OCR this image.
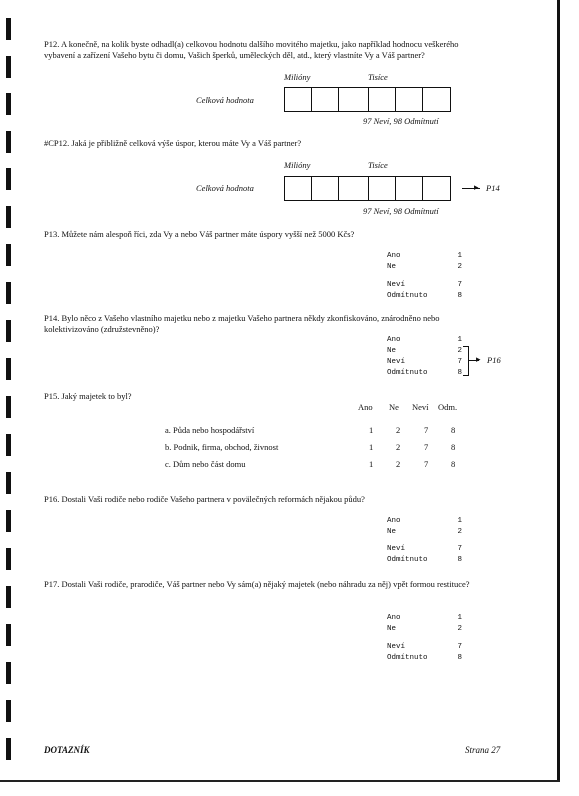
P12. A konečně, na kolik byste odhadl(a) celkovou hodnotu dalšího movitého majetku, jako například hodnocu veškerého vybavení a zařízení Vašeho bytu či domu, Vašich šperků, uměleckých děl, atd., který vlastníte Vy a Váš partner?
Milióny	Tisíce
Celková hodnota
97 Neví, 98 Odmítnutí
#CP12. Jaká je přibližně celková výše úspor, kterou máte Vy a Váš partner?
Milióny	Tisíce
Celková hodnota	▸ P14
97 Neví, 98 Odmítnutí
P13. Můžete nám alespoň říci, zda Vy a nebo Váš partner máte úspory vyšší než 5000 Kčs?
Ano	1
Ne	2
Neví	7
Odmítnuto	8
P14. Bylo něco z Vašeho vlastního majetku nebo z majetku Vašeho partnera někdy zkonfiskováno, znárodněno nebo kolektivizováno (združstevněno)?
Ano	1
Ne	2
Neví	7
Odmítnuto	8
▸ P16
P15. Jaký majetek to byl?
Ano Ne Neví Odm.
a. Půda nebo hospodářství	1	2	7	8
b. Podnik, firma, obchod, živnost	1	2	7	8
c. Dům nebo část domu	1	2	7	8
P16. Dostali Vaši rodiče nebo rodiče Vašeho partnera v povälečných reformách nějakou půdu?
Ano	1
Ne	2
Neví	7
Odmítnuto	8
P17. Dostali Vaši rodiče, prarodiče, Váš partner nebo Vy sám(a) nějaký majetek (nebo náhradu za něj) vpět formou restituce?
Ano	1
Ne	2
Neví	7
Odmítnuto	8
DOTAZNÍK	Strana 27
